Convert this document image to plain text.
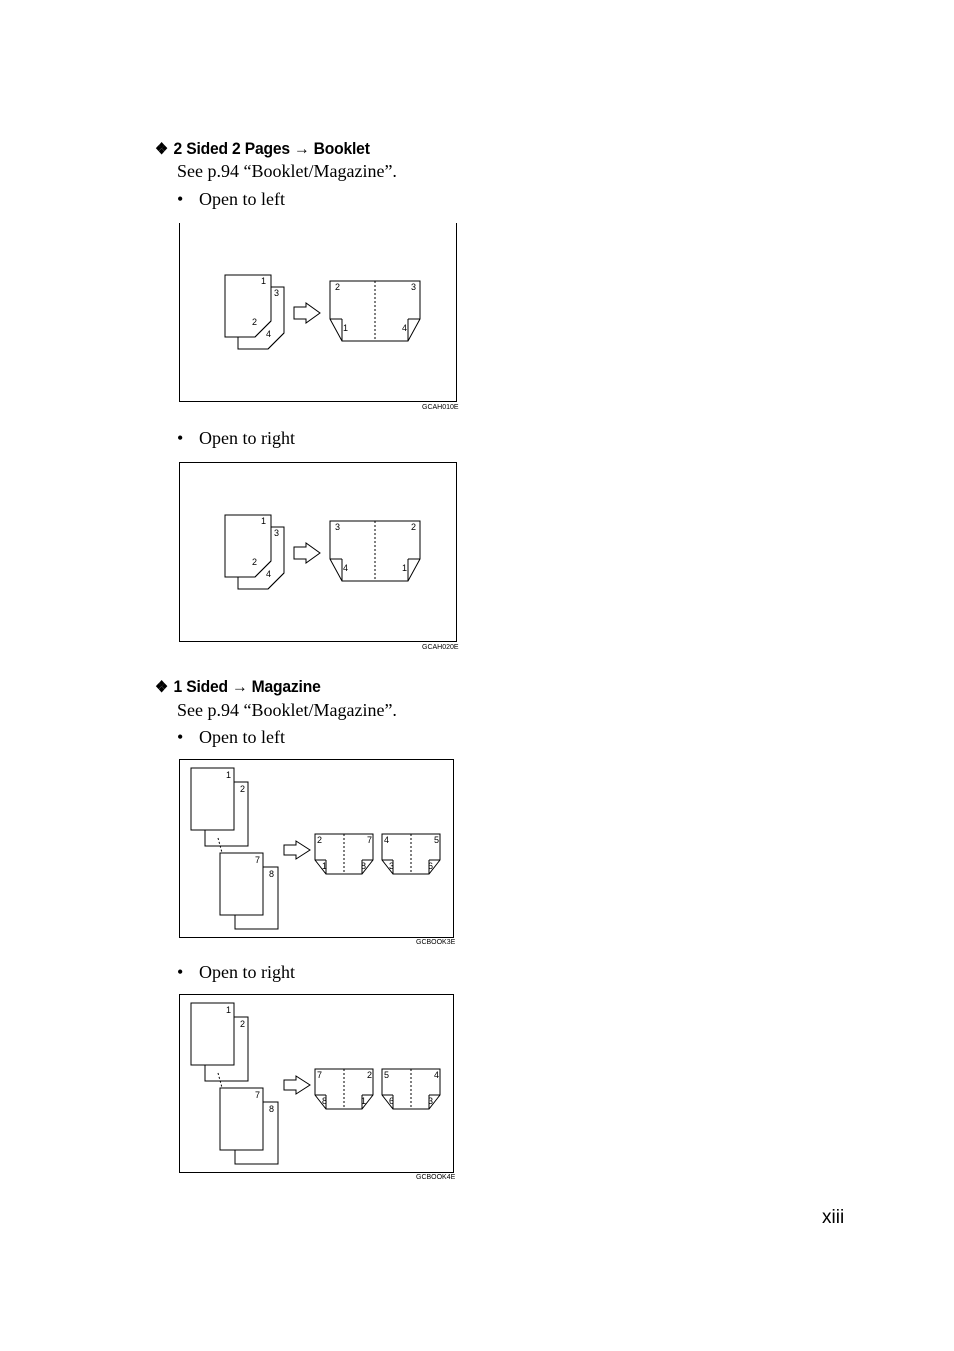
❖ 2 Sided 2 Pages → Booklet
See p.94 “Booklet/Magazine”.
• Open to left
1
3
2
4
2	3
1	4
GCAH010E
• Open to right
1
3
2
4
3	2
4	1
GCAH020E
❖ 1 Sided → Magazine
See p.94 “Booklet/Magazine”.
• Open to left
1
2
7
8
2	7
1	8
4	5
3	6
GCBOOK3E
• Open to right
1
2
7
8
7	2
8	1
5	4
6	3
GCBOOK4E
xiii
